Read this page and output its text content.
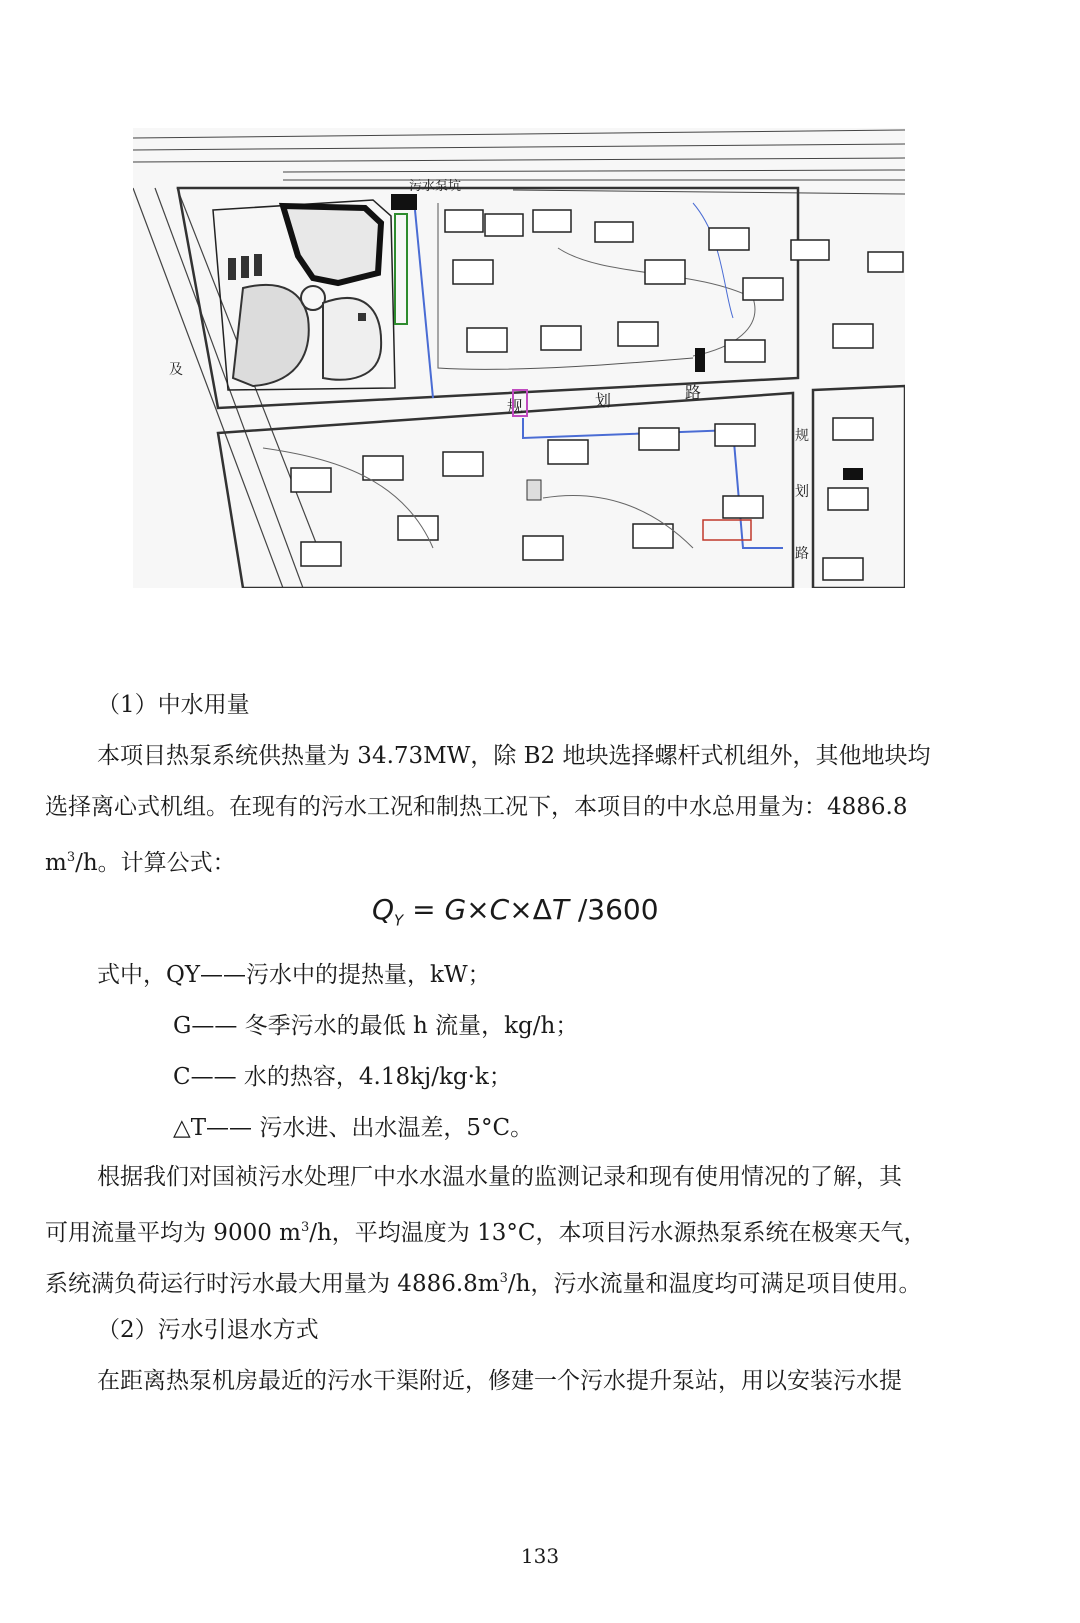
污水泵坑
规	划	路
及
规
划
路
（1）中水用量
本项目热泵系统供热量为 34.73MW，除 B2 地块选择螺杆式机组外，其他地块均
选择离心式机组。在现有的污水工况和制热工况下，本项目的中水总用量为：4886.8
$m^3/h$。计算公式：
$Q_Y = G\times C\times\Delta T$ /3600
式中，QY——污水中的提热量，kW；
G—— 冬季污水的最低 h 流量，kg/h；
C—— 水的热容，4.18kj/kg·k；
△T—— 污水进、出水温差，5°C。
根据我们对国祯污水处理厂中水水温水量的监测记录和现有使用情况的了解，其
可用流量平均为 9000 $m^3/h$，平均温度为 13°C，本项目污水源热泵系统在极寒天气，
系统满负荷运行时污水最大用量为 $4886.8m^3/h$，污水流量和温度均可满足项目使用。
（2）污水引退水方式
在距离热泵机房最近的污水干渠附近，修建一个污水提升泵站，用以安装污水提
133
